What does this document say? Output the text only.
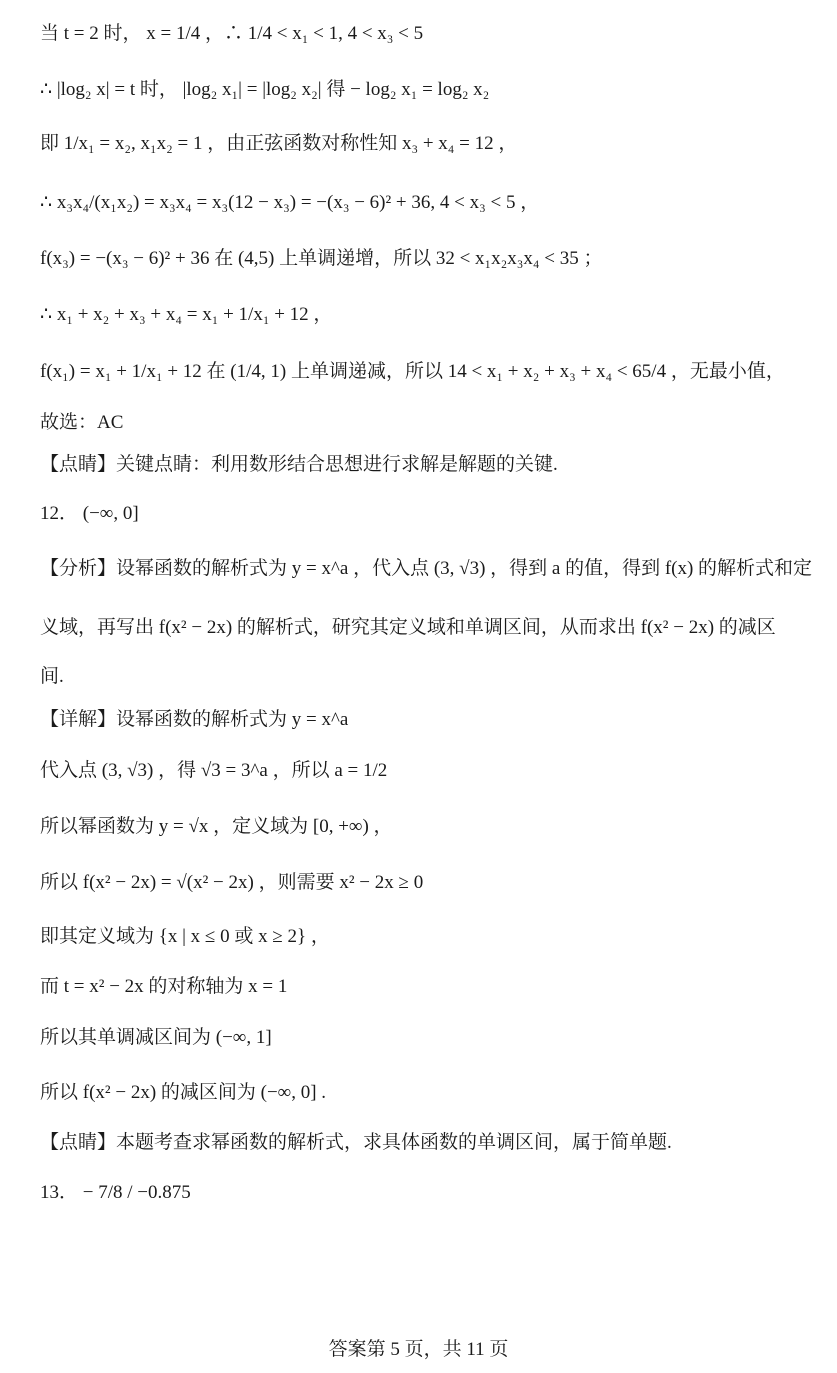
当 t = 2 时， x = 1/4 ，∴ 1/4 < x₁ < 1, 4 < x₃ < 5
∴ |log₂ x| = t 时， |log₂ x₁| = |log₂ x₂| 得 − log₂ x₁ = log₂ x₂
即 1/x₁ = x₂, x₁x₂ = 1 ，由正弦函数对称性知 x₃ + x₄ = 12 ，
∴ x₃x₄/(x₁x₂) = x₃x₄ = x₃(12 − x₃) = −(x₃ − 6)² + 36, 4 < x₃ < 5 ，
f(x₃) = −(x₃ − 6)² + 36 在 (4,5) 上单调递增，所以 32 < x₁x₂x₃x₄ < 35 ；
∴ x₁ + x₂ + x₃ + x₄ = x₁ + 1/x₁ + 12 ，
f(x₁) = x₁ + 1/x₁ + 12 在 (1/4, 1) 上单调递减，所以 14 < x₁ + x₂ + x₃ + x₄ < 65/4 ，无最小值，
故选：AC
【点睛】关键点睛：利用数形结合思想进行求解是解题的关键.
12． (−∞, 0]
【分析】设幂函数的解析式为 y = x^a ，代入点 (3, √3) ，得到 a 的值，得到 f(x) 的解析式和定
义域，再写出 f(x² − 2x) 的解析式，研究其定义域和单调区间，从而求出 f(x² − 2x) 的减区
间.
【详解】设幂函数的解析式为 y = x^a
代入点 (3, √3) ，得 √3 = 3^a ，所以 a = 1/2
所以幂函数为 y = √x ，定义域为 [0, +∞) ，
所以 f(x² − 2x) = √(x² − 2x) ，则需要 x² − 2x ≥ 0
即其定义域为 {x | x ≤ 0 或 x ≥ 2} ，
而 t = x² − 2x 的对称轴为 x = 1
所以其单调减区间为 (−∞, 1]
所以 f(x² − 2x) 的减区间为 (−∞, 0] .
【点睛】本题考查求幂函数的解析式，求具体函数的单调区间，属于简单题.
13． − 7/8 / −0.875
答案第 5 页，共 11 页
